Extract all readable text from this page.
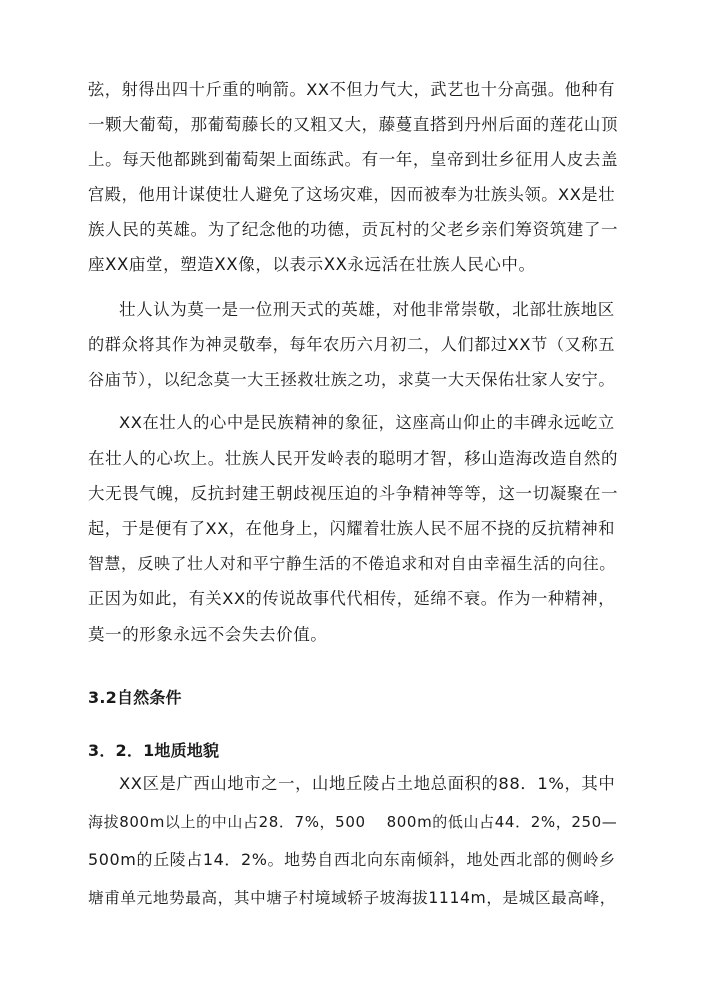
弦，射得出四十斤重的响箭。XX不但力气大，武艺也十分高强。他种有
一颗大葡萄，那葡萄藤长的又粗又大，藤蔓直搭到丹州后面的莲花山顶
上。每天他都跳到葡萄架上面练武。有一年，皇帝到壮乡征用人皮去盖
宫殿，他用计谋使壮人避免了这场灾难，因而被奉为壮族头领。XX是壮
族人民的英雄。为了纪念他的功德，贡瓦村的父老乡亲们筹资筑建了一
座XX庙堂，塑造XX像，以表示XX永远活在壮族人民心中。
壮人认为莫一是一位刑天式的英雄，对他非常崇敬，北部壮族地区
的群众将其作为神灵敬奉，每年农历六月初二，人们都过XX节（又称五
谷庙节），以纪念莫一大王拯救壮族之功，求莫一大天保佑壮家人安宁。
XX在壮人的心中是民族精神的象征，这座高山仰止的丰碑永远屹立
在壮人的心坎上。壮族人民开发岭表的聪明才智，移山造海改造自然的
大无畏气魄，反抗封建王朝歧视压迫的斗争精神等等，这一切凝聚在一
起，于是便有了XX，在他身上，闪耀着壮族人民不屈不挠的反抗精神和
智慧，反映了壮人对和平宁静生活的不倦追求和对自由幸福生活的向往。
正因为如此，有关XX的传说故事代代相传，延绵不衰。作为一种精神，
莫一的形象永远不会失去价值。
3.2自然条件
3．2．1地质地貌
XX区是广西山地市之一，山地丘陵占土地总面积的88．1%，其中
海拔800m以上的中山占28．7%，500　 800m的低山占44．2%，250—
500m的丘陵占14．2%。地势自西北向东南倾斜，地处西北部的侧岭乡
塘甫单元地势最高，其中塘子村境域轿子坡海拔1114m，是城区最高峰，
